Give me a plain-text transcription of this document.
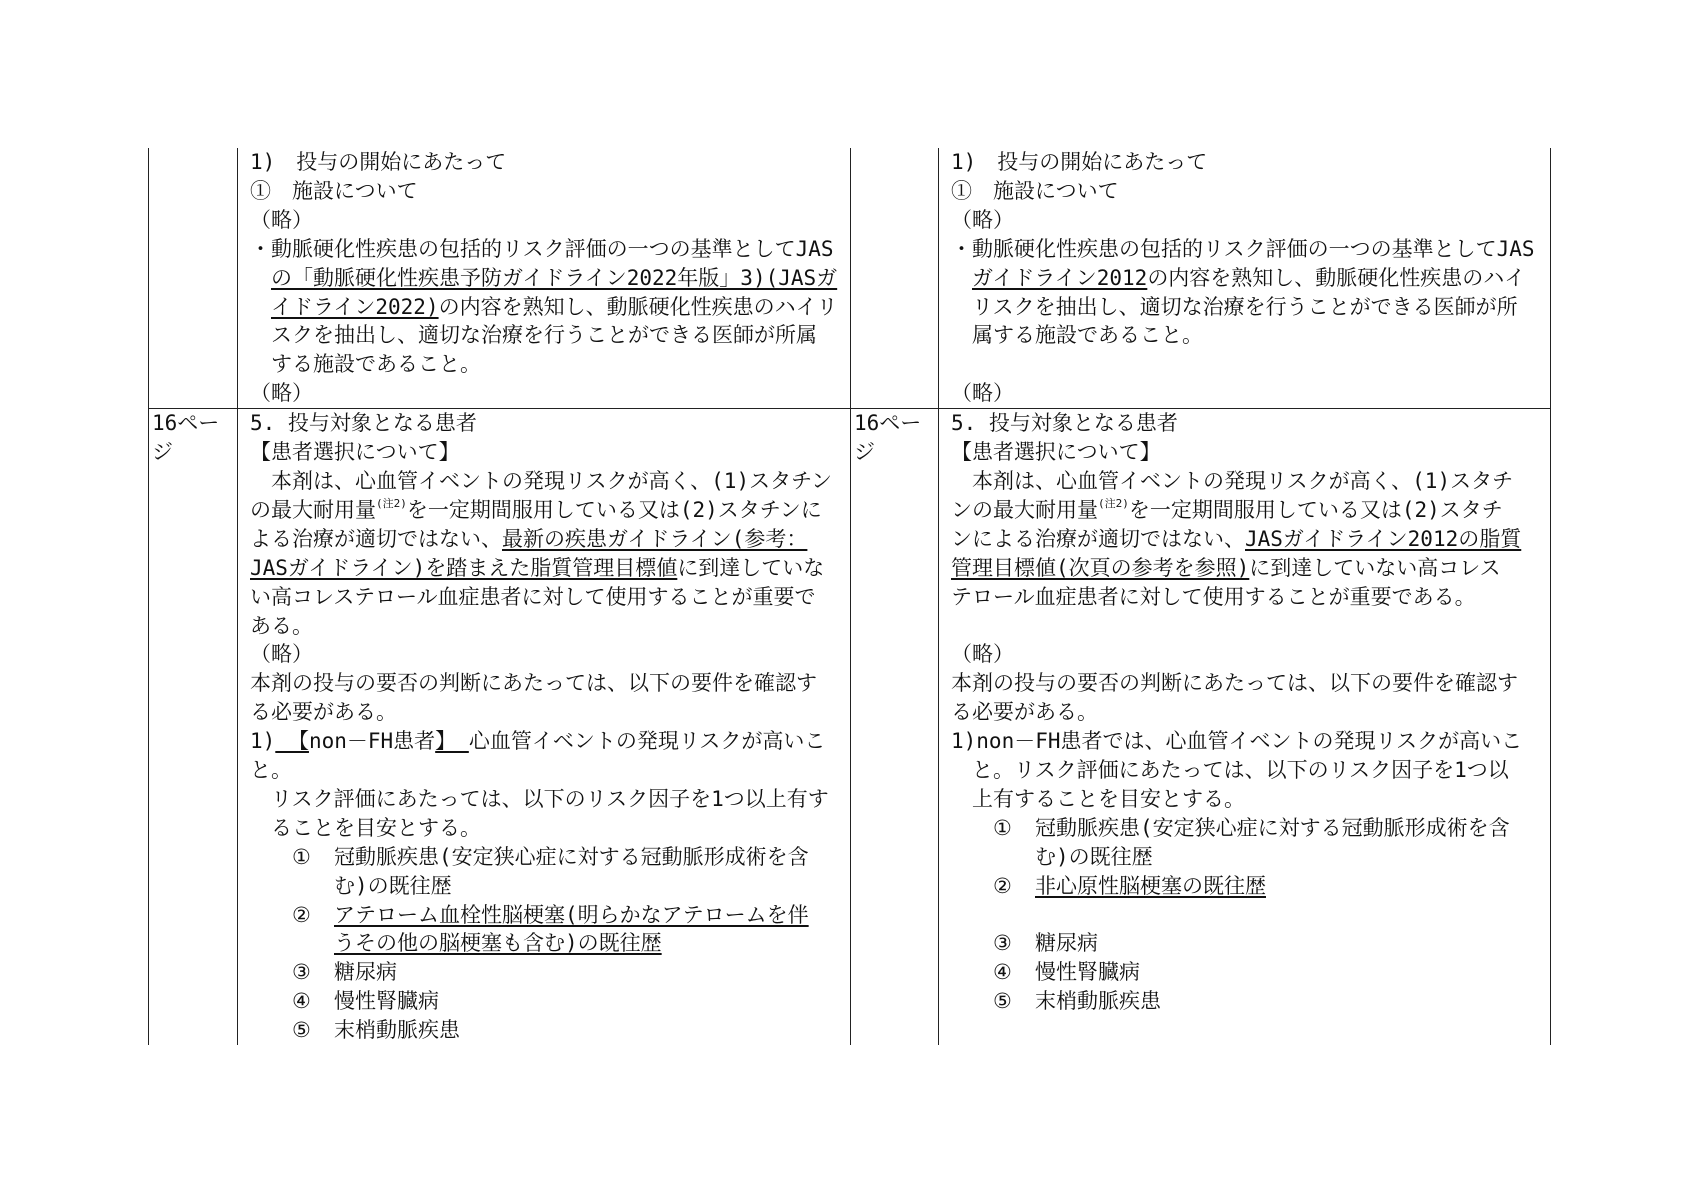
1)　投与の開始にあたって
①　施設について
（略）
・動脈硬化性疾患の包括的リスク評価の一つの基準としてJAS
の「動脈硬化性疾患予防ガイドライン2022年版」3)(JASガ
イドライン2022)の内容を熟知し、動脈硬化性疾患のハイリ
スクを抽出し、適切な治療を行うことができる医師が所属
する施設であること。
（略）
1)　投与の開始にあたって
①　施設について
（略）
・動脈硬化性疾患の包括的リスク評価の一つの基準としてJAS
ガイドライン2012の内容を熟知し、動脈硬化性疾患のハイ
リスクを抽出し、適切な治療を行うことができる医師が所
属する施設であること。
（略）
16ペー
ジ
5. 投与対象となる患者
【患者選択について】
　本剤は、心血管イベントの発現リスクが高く、(1)スタチン
の最大耐用量$^{(注2)}$を一定期間服用している又は(2)スタチンに
よる治療が適切ではない、最新の疾患ガイドライン(参考：
JASガイドライン)を踏まえた脂質管理目標値に到達していな
い高コレステロール血症患者に対して使用することが重要で
ある。
（略）
本剤の投与の要否の判断にあたっては、以下の要件を確認す
る必要がある。
1) 【non－FH患者】 心血管イベントの発現リスクが高いこと。
リスク評価にあたっては、以下のリスク因子を1つ以上有す
ることを目安とする。
① 冠動脈疾患(安定狭心症に対する冠動脈形成術を含
む)の既往歴
② アテローム血栓性脳梗塞(明らかなアテロームを伴
うその他の脳梗塞も含む)の既往歴
③ 糖尿病
④ 慢性腎臓病
⑤ 末梢動脈疾患
16ペー
ジ
5. 投与対象となる患者
【患者選択について】
　本剤は、心血管イベントの発現リスクが高く、(1)スタチ
ンの最大耐用量$^{(注2)}$を一定期間服用している又は(2)スタチ
ンによる治療が適切ではない、JASガイドライン2012の脂質
管理目標値(次頁の参考を参照)に到達していない高コレス
テロール血症患者に対して使用することが重要である。
（略）
本剤の投与の要否の判断にあたっては、以下の要件を確認す
る必要がある。
1)non－FH患者では、心血管イベントの発現リスクが高いこ
と。リスク評価にあたっては、以下のリスク因子を1つ以
上有することを目安とする。
① 冠動脈疾患(安定狭心症に対する冠動脈形成術を含
む)の既往歴
② 非心原性脳梗塞の既往歴
③ 糖尿病
④ 慢性腎臓病
⑤ 末梢動脈疾患
